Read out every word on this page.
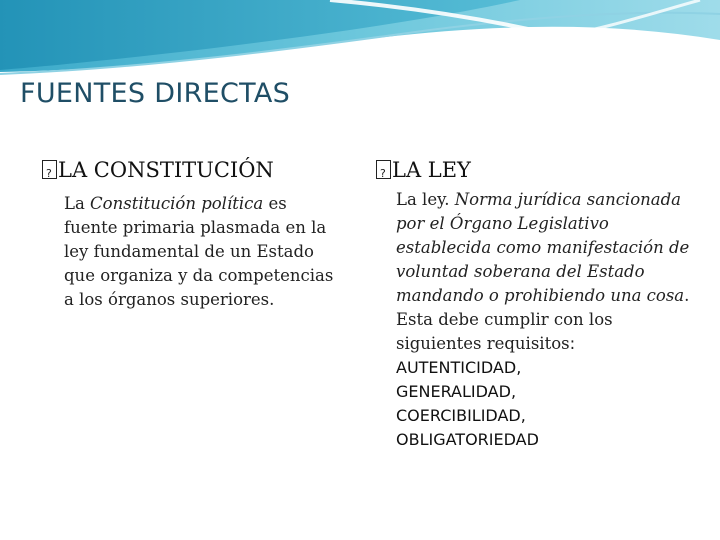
FUENTES DIRECTAS

?LA CONSTITUCIÓN

La Constitución política es fuente primaria plasmada en la ley fundamental de un Estado que organiza y da competencias a los órganos superiores.

?LA LEY

La ley. Norma jurídica sancionada por el Órgano Legislativo establecida como manifestación de voluntad soberana del Estado mandando o prohibiendo una cosa. Esta debe cumplir con los siguientes requisitos:

AUTENTICIDAD,
GENERALIDAD,
COERCIBILIDAD,
OBLIGATORIEDAD
